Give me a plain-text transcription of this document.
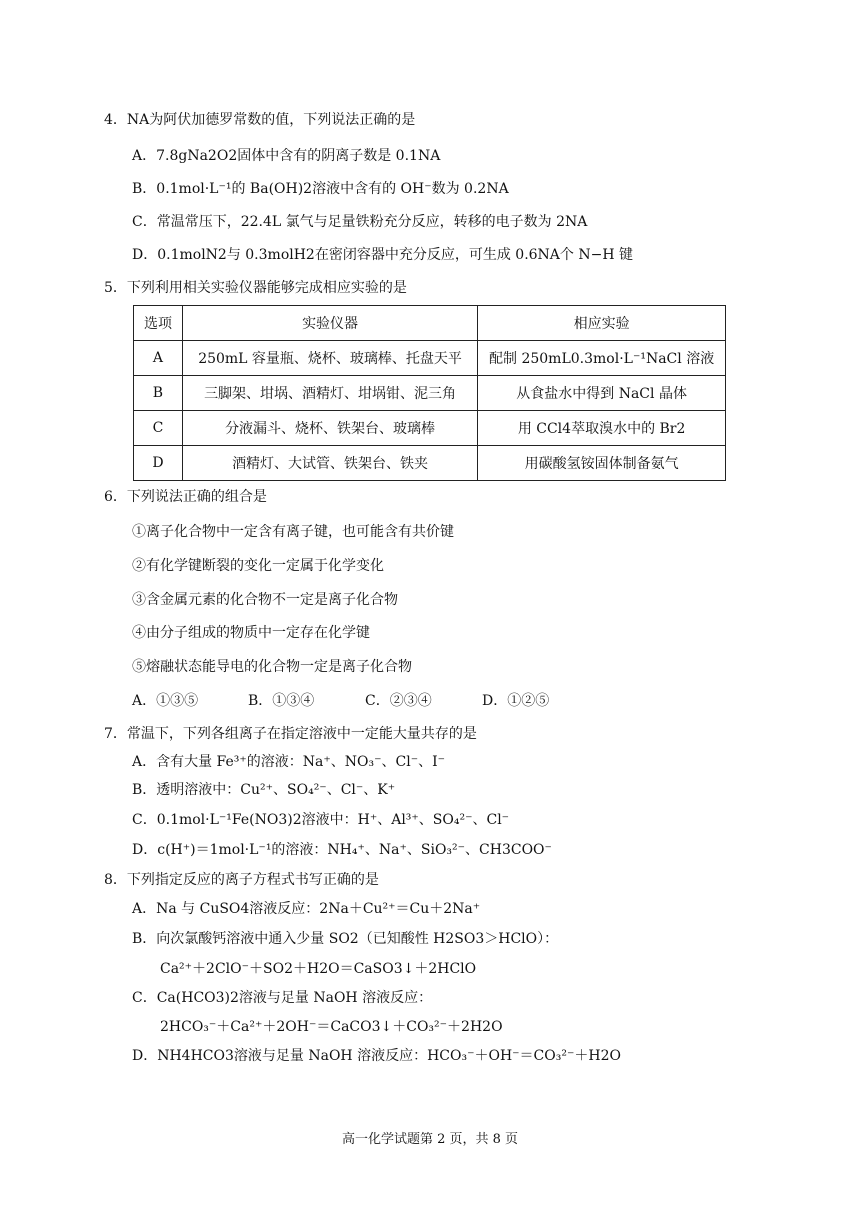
4．NA为阿伏加德罗常数的值，下列说法正确的是
A．7.8gNa2O2固体中含有的阴离子数是 0.1NA
B．0.1mol·L⁻¹的 Ba(OH)2溶液中含有的 OH⁻数为 0.2NA
C．常温常压下，22.4L 氯气与足量铁粉充分反应，转移的电子数为 2NA
D．0.1molN2与 0.3molH2在密闭容器中充分反应，可生成 0.6NA个 N−H 键
5．下列利用相关实验仪器能够完成相应实验的是
选项	实验仪器	相应实验
A	250mL 容量瓶、烧杯、玻璃棒、托盘天平	配制 250mL0.3mol·L⁻¹NaCl 溶液
B	三脚架、坩埚、酒精灯、坩埚钳、泥三角	从食盐水中得到 NaCl 晶体
C	分液漏斗、烧杯、铁架台、玻璃棒	用 CCl4萃取溴水中的 Br2
D	酒精灯、大试管、铁架台、铁夹	用碳酸氢铵固体制备氨气
6．下列说法正确的组合是
①离子化合物中一定含有离子键，也可能含有共价键
②有化学键断裂的变化一定属于化学变化
③含金属元素的化合物不一定是离子化合物
④由分子组成的物质中一定存在化学键
⑤熔融状态能导电的化合物一定是离子化合物
A．①③⑤	B．①③④	C．②③④	D．①②⑤
7．常温下，下列各组离子在指定溶液中一定能大量共存的是
A．含有大量 Fe³⁺的溶液：Na⁺、NO₃⁻、Cl⁻、I⁻
B．透明溶液中：Cu²⁺、SO₄²⁻、Cl⁻、K⁺
C．0.1mol·L⁻¹Fe(NO3)2溶液中：H⁺、Al³⁺、SO₄²⁻、Cl⁻
D．c(H⁺)＝1mol·L⁻¹的溶液：NH₄⁺、Na⁺、SiO₃²⁻、CH3COO⁻
8．下列指定反应的离子方程式书写正确的是
A．Na 与 CuSO4溶液反应：2Na＋Cu²⁺＝Cu＋2Na⁺
B．向次氯酸钙溶液中通入少量 SO2（已知酸性 H2SO3＞HClO）：
Ca²⁺＋2ClO⁻＋SO2＋H2O＝CaSO3↓＋2HClO
C．Ca(HCO3)2溶液与足量 NaOH 溶液反应：
2HCO₃⁻＋Ca²⁺＋2OH⁻＝CaCO3↓＋CO₃²⁻＋2H2O
D．NH4HCO3溶液与足量 NaOH 溶液反应：HCO₃⁻＋OH⁻＝CO₃²⁻＋H2O
高一化学试题第 2 页，共 8 页
